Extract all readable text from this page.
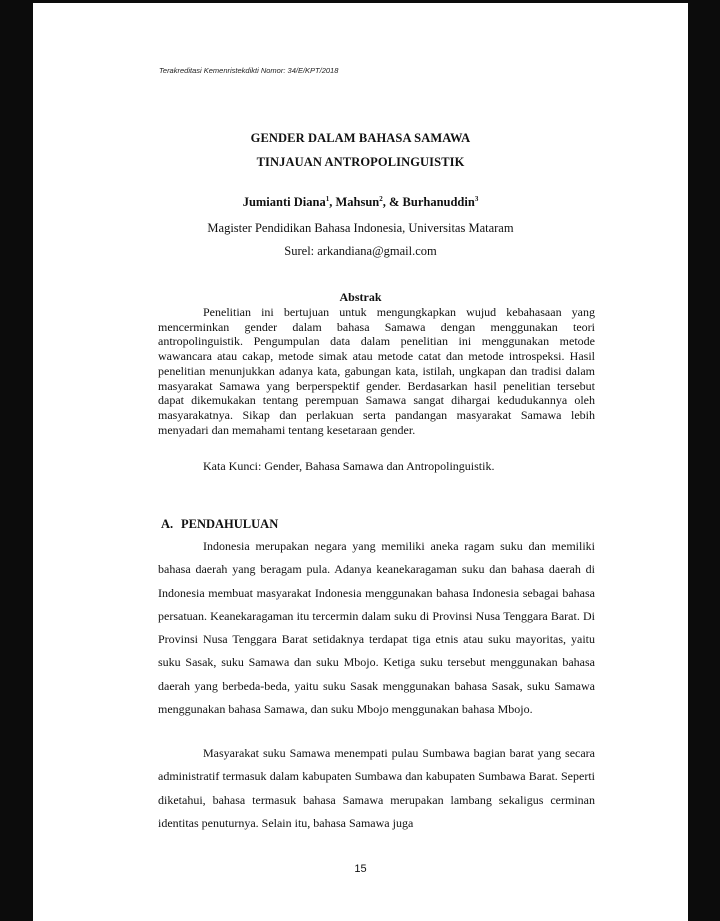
Terakreditasi Kemenristekdikti Nomor: 34/E/KPT/2018
GENDER DALAM BAHASA SAMAWA
TINJAUAN ANTROPOLINGUISTIK
Jumianti Diana$^1$, Mahsun$^2$, & Burhanuddin$^3$
Magister Pendidikan Bahasa Indonesia, Universitas Mataram
Surel: arkandiana@gmail.com
Abstrak

Penelitian ini bertujuan untuk mengungkapkan wujud kebahasaan yang mencerminkan gender dalam bahasa Samawa dengan menggunakan teori antropolinguistik. Pengumpulan data dalam penelitian ini menggunakan metode wawancara atau cakap, metode simak atau metode catat dan metode introspeksi. Hasil penelitian menunjukkan adanya kata, gabungan kata, istilah, ungkapan dan tradisi dalam masyarakat Samawa yang berperspektif gender. Berdasarkan hasil penelitian tersebut dapat dikemukakan tentang perempuan Samawa sangat dihargai kedudukannya oleh masyarakatnya. Sikap dan perlakuan serta pandangan masyarakat Samawa lebih menyadari dan memahami tentang kesetaraan gender.

Kata Kunci: Gender, Bahasa Samawa dan Antropolinguistik.
A. PENDAHULUAN

Indonesia merupakan negara yang memiliki aneka ragam suku dan memiliki bahasa daerah yang beragam pula. Adanya keanekaragaman suku dan bahasa daerah di Indonesia membuat masyarakat Indonesia menggunakan bahasa Indonesia sebagai bahasa persatuan. Keanekaragaman itu tercermin dalam suku di Provinsi Nusa Tenggara Barat. Di Provinsi Nusa Tenggara Barat setidaknya terdapat tiga etnis atau suku mayoritas, yaitu suku Sasak, suku Samawa dan suku Mbojo. Ketiga suku tersebut menggunakan bahasa daerah yang berbeda-beda, yaitu suku Sasak menggunakan bahasa Sasak, suku Samawa menggunakan bahasa Samawa, dan suku Mbojo menggunakan bahasa Mbojo.

Masyarakat suku Samawa menempati pulau Sumbawa bagian barat yang secara administratif termasuk dalam kabupaten Sumbawa dan kabupaten Sumbawa Barat. Seperti diketahui, bahasa termasuk bahasa Samawa merupakan lambang sekaligus cerminan identitas penuturnya. Selain itu, bahasa Samawa juga

15
